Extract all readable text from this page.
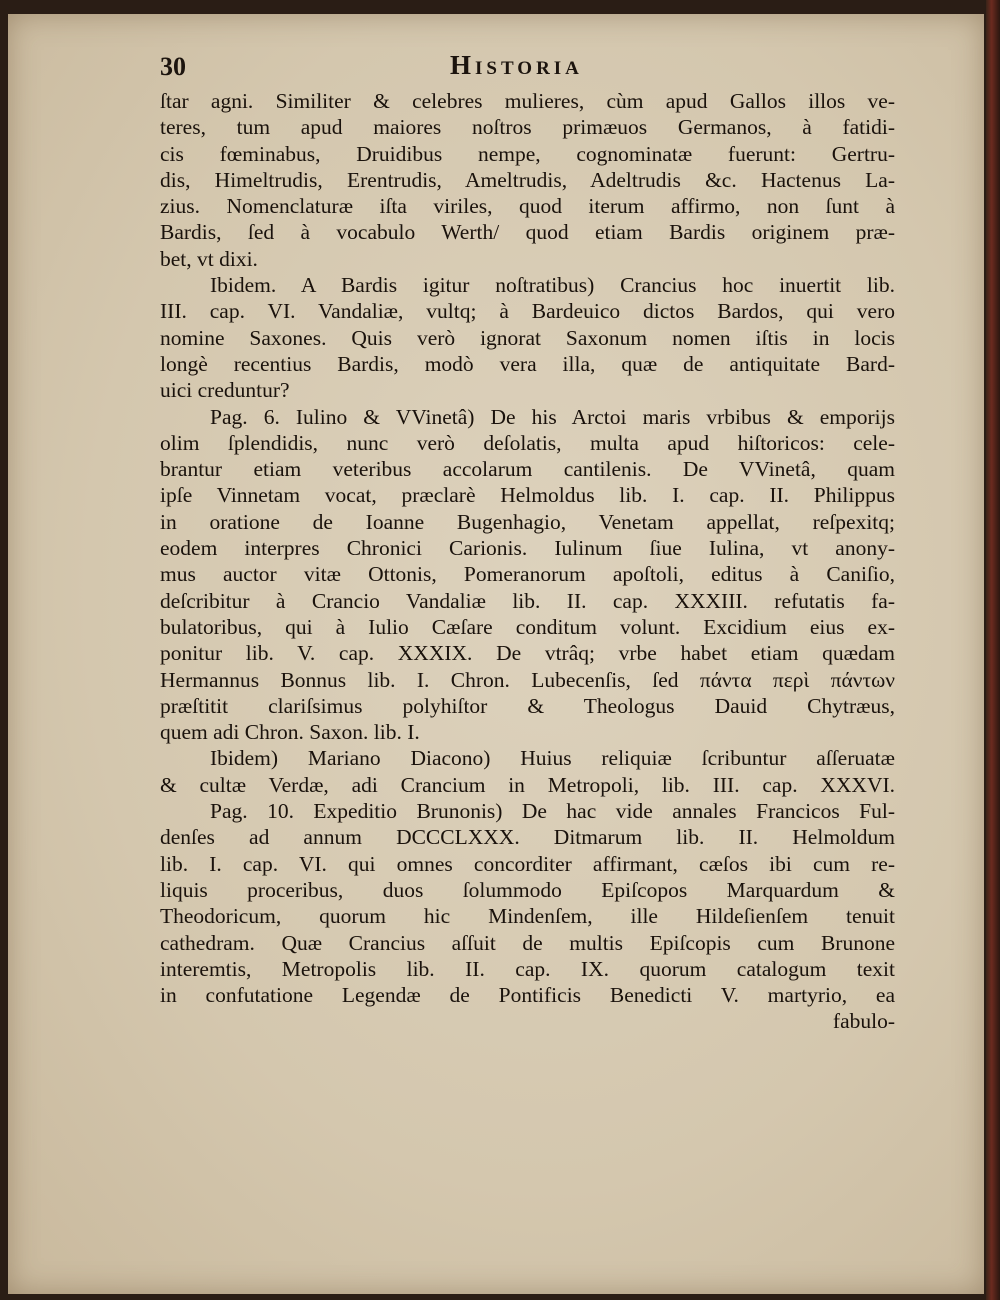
30	Historia
ſtar agni. Similiter & celebres mulieres, cùm apud Gallos illos ve-
teres, tum apud maiores noſtros primæuos Germanos, à fatidi-
cis fœminabus, Druidibus nempe, cognominatæ fuerunt: Gertru-
dis, Himeltrudis, Erentrudis, Ameltrudis, Adeltrudis &c. Hactenus La-
zius. Nomenclaturæ iſta viriles, quod iterum affirmo, non ſunt à
Bardis, ſed à vocabulo Werth/ quod etiam Bardis originem præ-
bet, vt dixi.
Ibidem. A Bardis igitur noſtratibus) Crancius hoc inuertit lib.
III. cap. VI. Vandaliæ, vultq; à Bardeuico dictos Bardos, qui vero
nomine Saxones. Quis verò ignorat Saxonum nomen iſtis in locis
longè recentius Bardis, modò vera illa, quæ de antiquitate Bard-
uici creduntur?
Pag. 6. Iulino & VVinetâ) De his Arctoi maris vrbibus & emporijs
olim ſplendidis, nunc verò deſolatis, multa apud hiſtoricos: cele-
brantur etiam veteribus accolarum cantilenis. De VVinetâ, quam
ipſe Vinnetam vocat, præclarè Helmoldus lib. I. cap. II. Philippus
in oratione de Ioanne Bugenhagio, Venetam appellat, reſpexitq;
eodem interpres Chronici Carionis. Iulinum ſiue Iulina, vt anony-
mus auctor vitæ Ottonis, Pomeranorum apoſtoli, editus à Caniſio,
deſcribitur à Crancio Vandaliæ lib. II. cap. XXXIII. refutatis fa-
bulatoribus, qui à Iulio Cæſare conditum volunt. Excidium eius ex-
ponitur lib. V. cap. XXXIX. De vtrâq; vrbe habet etiam quædam
Hermannus Bonnus lib. I. Chron. Lubecenſis, ſed πάντα περὶ πάντων
præſtitit clariſsimus polyhiſtor & Theologus Dauid Chytræus,
quem adi Chron. Saxon. lib. I.
Ibidem) Mariano Diacono) Huius reliquiæ ſcribuntur aſſeruatæ
& cultæ Verdæ, adi Crancium in Metropoli, lib. III. cap. XXXVI.
Pag. 10. Expeditio Brunonis) De hac vide annales Francicos Ful-
denſes ad annum DCCCLXXX. Ditmarum lib. II. Helmoldum
lib. I. cap. VI. qui omnes concorditer affirmant, cæſos ibi cum re-
liquis proceribus, duos ſolummodo Epiſcopos Marquardum &
Theodoricum, quorum hic Mindenſem, ille Hildeſienſem tenuit
cathedram. Quæ Crancius aſſuit de multis Epiſcopis cum Brunone
interemtis, Metropolis lib. II. cap. IX. quorum catalogum texit
in confutatione Legendæ de Pontificis Benedicti V. martyrio, ea
fabulo-
